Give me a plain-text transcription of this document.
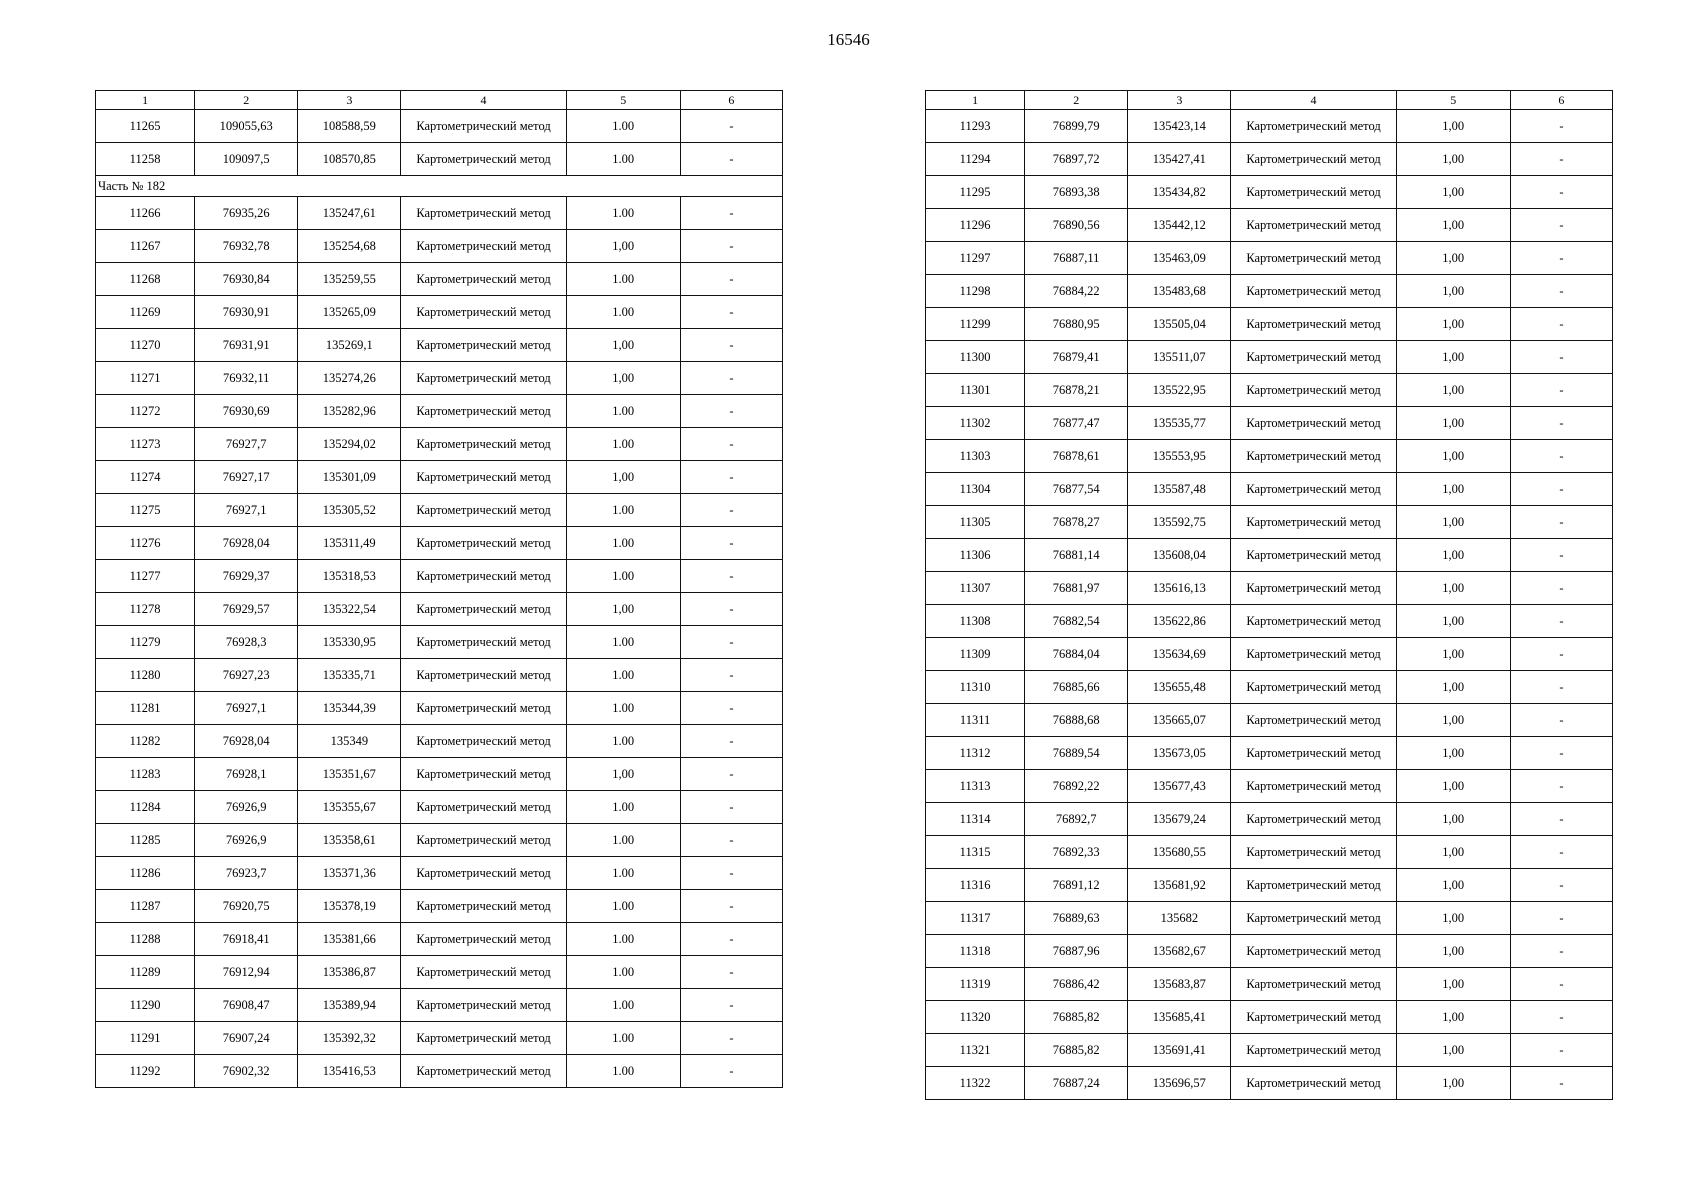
16546
1	2	3	4	5	6
11265	109055,63	108588,59	Картометрический метод	1.00	-
11258	109097,5	108570,85	Картометрический метод	1.00	-
Часть № 182					
11266	76935,26	135247,61	Картометрический метод	1.00	-
11267	76932,78	135254,68	Картометрический метод	1,00	-
11268	76930,84	135259,55	Картометрический метод	1.00	-
11269	76930,91	135265,09	Картометрический метод	1.00	-
11270	76931,91	135269,1	Картометрический метод	1,00	-
11271	76932,11	135274,26	Картометрический метод	1,00	-
11272	76930,69	135282,96	Картометрический метод	1.00	-
11273	76927,7	135294,02	Картометрический метод	1.00	-
11274	76927,17	135301,09	Картометрический метод	1,00	-
11275	76927,1	135305,52	Картометрический метод	1.00	-
11276	76928,04	135311,49	Картометрический метод	1.00	-
11277	76929,37	135318,53	Картометрический метод	1.00	-
11278	76929,57	135322,54	Картометрический метод	1,00	-
11279	76928,3	135330,95	Картометрический метод	1.00	-
11280	76927,23	135335,71	Картометрический метод	1.00	-
11281	76927,1	135344,39	Картометрический метод	1.00	-
11282	76928,04	135349	Картометрический метод	1.00	-
11283	76928,1	135351,67	Картометрический метод	1,00	-
11284	76926,9	135355,67	Картометрический метод	1.00	-
11285	76926,9	135358,61	Картометрический метод	1.00	-
11286	76923,7	135371,36	Картометрический метод	1.00	-
11287	76920,75	135378,19	Картометрический метод	1.00	-
11288	76918,41	135381,66	Картометрический метод	1.00	-
11289	76912,94	135386,87	Картометрический метод	1.00	-
11290	76908,47	135389,94	Картометрический метод	1.00	-
11291	76907,24	135392,32	Картометрический метод	1.00	-
11292	76902,32	135416,53	Картометрический метод	1.00	-
1	2	3	4	5	6
11293	76899,79	135423,14	Картометрический метод	1,00	-
11294	76897,72	135427,41	Картометрический метод	1,00	-
11295	76893,38	135434,82	Картометрический метод	1,00	-
11296	76890,56	135442,12	Картометрический метод	1,00	-
11297	76887,11	135463,09	Картометрический метод	1,00	-
11298	76884,22	135483,68	Картометрический метод	1,00	-
11299	76880,95	135505,04	Картометрический метод	1,00	-
11300	76879,41	135511,07	Картометрический метод	1,00	-
11301	76878,21	135522,95	Картометрический метод	1,00	-
11302	76877,47	135535,77	Картометрический метод	1,00	-
11303	76878,61	135553,95	Картометрический метод	1,00	-
11304	76877,54	135587,48	Картометрический метод	1,00	-
11305	76878,27	135592,75	Картометрический метод	1,00	-
11306	76881,14	135608,04	Картометрический метод	1,00	-
11307	76881,97	135616,13	Картометрический метод	1,00	-
11308	76882,54	135622,86	Картометрический метод	1,00	-
11309	76884,04	135634,69	Картометрический метод	1,00	-
11310	76885,66	135655,48	Картометрический метод	1,00	-
11311	76888,68	135665,07	Картометрический метод	1,00	-
11312	76889,54	135673,05	Картометрический метод	1,00	-
11313	76892,22	135677,43	Картометрический метод	1,00	-
11314	76892,7	135679,24	Картометрический метод	1,00	-
11315	76892,33	135680,55	Картометрический метод	1,00	-
11316	76891,12	135681,92	Картометрический метод	1,00	-
11317	76889,63	135682	Картометрический метод	1,00	-
11318	76887,96	135682,67	Картометрический метод	1,00	-
11319	76886,42	135683,87	Картометрический метод	1,00	-
11320	76885,82	135685,41	Картометрический метод	1,00	-
11321	76885,82	135691,41	Картометрический метод	1,00	-
11322	76887,24	135696,57	Картометрический метод	1,00	-
